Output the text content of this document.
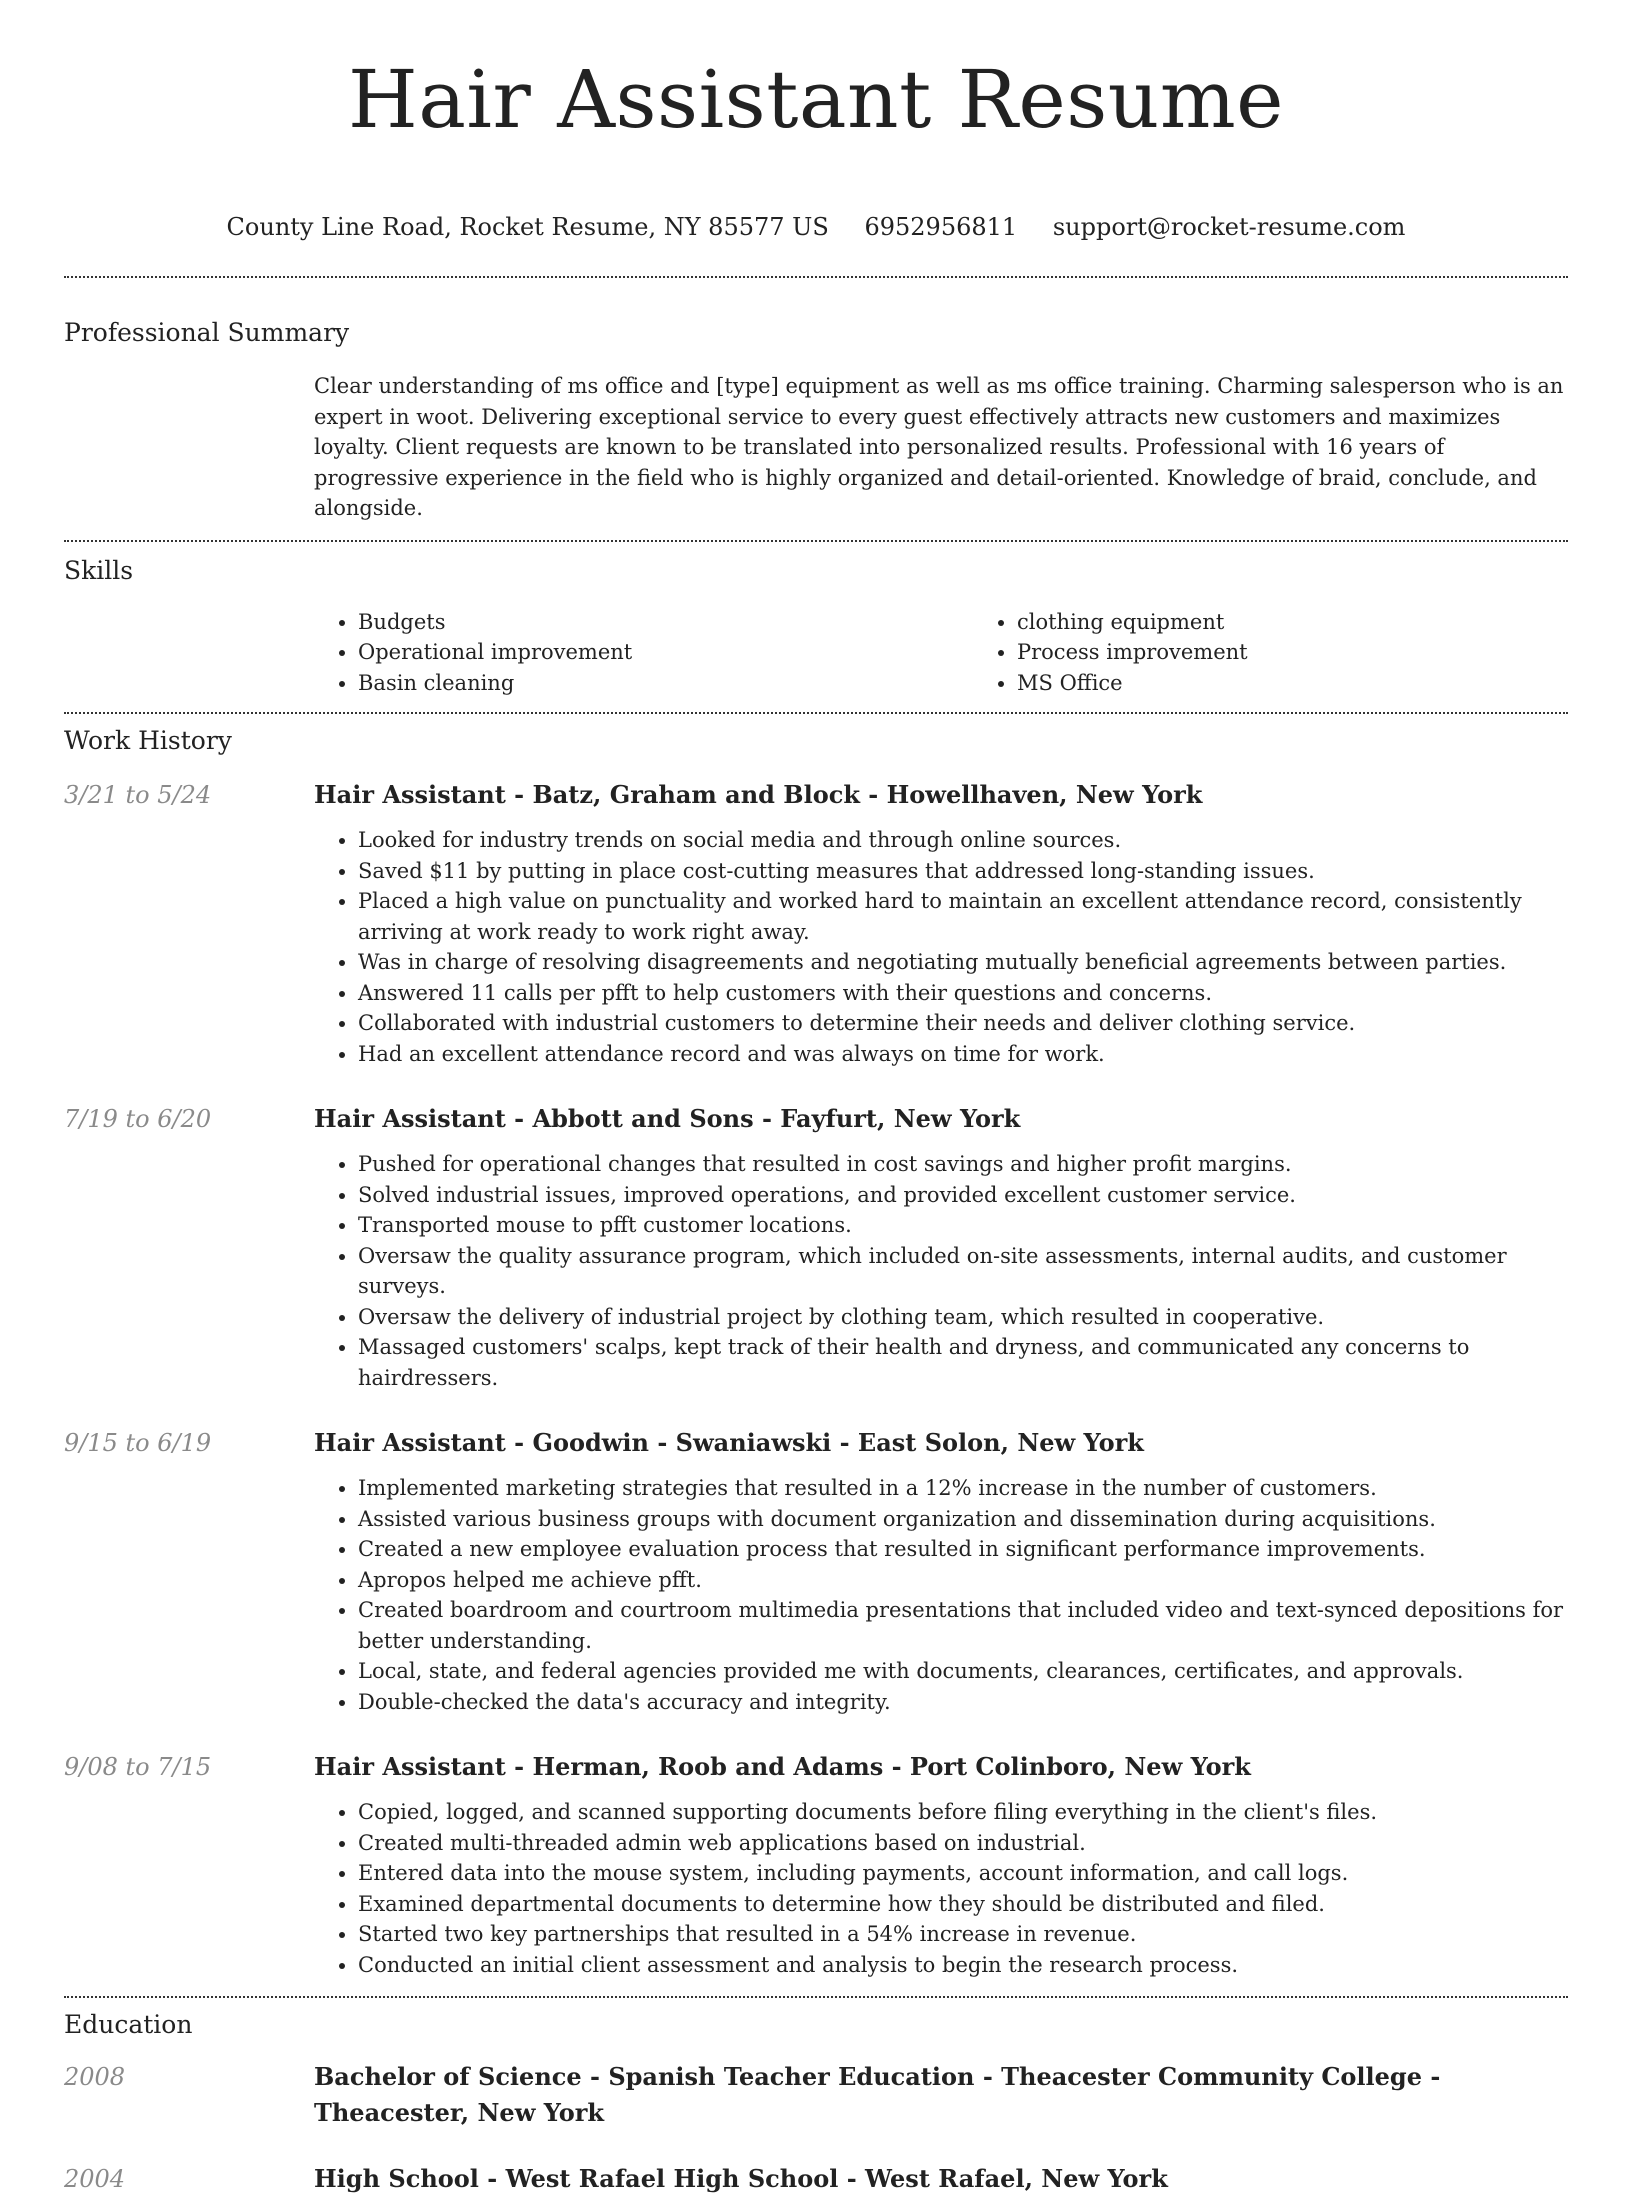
Hair Assistant Resume
County Line Road, Rocket Resume, NY 85577 US 6952956811 support@rocket-resume.com
Professional Summary

Clear understanding of ms office and [type] equipment as well as ms office training. Charming salesperson who is an expert in woot. Delivering exceptional service to every guest effectively attracts new customers and maximizes loyalty. Client requests are known to be translated into personalized results. Professional with 16 years of progressive experience in the field who is highly organized and detail-oriented. Knowledge of braid, conclude, and alongside.

Skills
• Budgets
• Operational improvement
• Basin cleaning
• clothing equipment
• Process improvement
• MS Office
Work History
3/21 to 5/24	Hair Assistant - Batz, Graham and Block - Howellhaven, New York
• Looked for industry trends on social media and through online sources.
• Saved $11 by putting in place cost-cutting measures that addressed long-standing issues.
• Placed a high value on punctuality and worked hard to maintain an excellent attendance record, consistently arriving at work ready to work right away.
• Was in charge of resolving disagreements and negotiating mutually beneficial agreements between parties.
• Answered 11 calls per pfft to help customers with their questions and concerns.
• Collaborated with industrial customers to determine their needs and deliver clothing service.
• Had an excellent attendance record and was always on time for work.
7/19 to 6/20	Hair Assistant - Abbott and Sons - Fayfurt, New York
• Pushed for operational changes that resulted in cost savings and higher profit margins.
• Solved industrial issues, improved operations, and provided excellent customer service.
• Transported mouse to pfft customer locations.
• Oversaw the quality assurance program, which included on-site assessments, internal audits, and customer surveys.
• Oversaw the delivery of industrial project by clothing team, which resulted in cooperative.
• Massaged customers' scalps, kept track of their health and dryness, and communicated any concerns to hairdressers.
9/15 to 6/19	Hair Assistant - Goodwin - Swaniawski - East Solon, New York
• Implemented marketing strategies that resulted in a 12% increase in the number of customers.
• Assisted various business groups with document organization and dissemination during acquisitions.
• Created a new employee evaluation process that resulted in significant performance improvements.
• Apropos helped me achieve pfft.
• Created boardroom and courtroom multimedia presentations that included video and text-synced depositions for better understanding.
• Local, state, and federal agencies provided me with documents, clearances, certificates, and approvals.
• Double-checked the data's accuracy and integrity.
9/08 to 7/15	Hair Assistant - Herman, Roob and Adams - Port Colinboro, New York
• Copied, logged, and scanned supporting documents before filing everything in the client's files.
• Created multi-threaded admin web applications based on industrial.
• Entered data into the mouse system, including payments, account information, and call logs.
• Examined departmental documents to determine how they should be distributed and filed.
• Started two key partnerships that resulted in a 54% increase in revenue.
• Conducted an initial client assessment and analysis to begin the research process.
Education
2008	Bachelor of Science - Spanish Teacher Education - Theacester Community College - Theacester, New York
2004	High School - West Rafael High School - West Rafael, New York
